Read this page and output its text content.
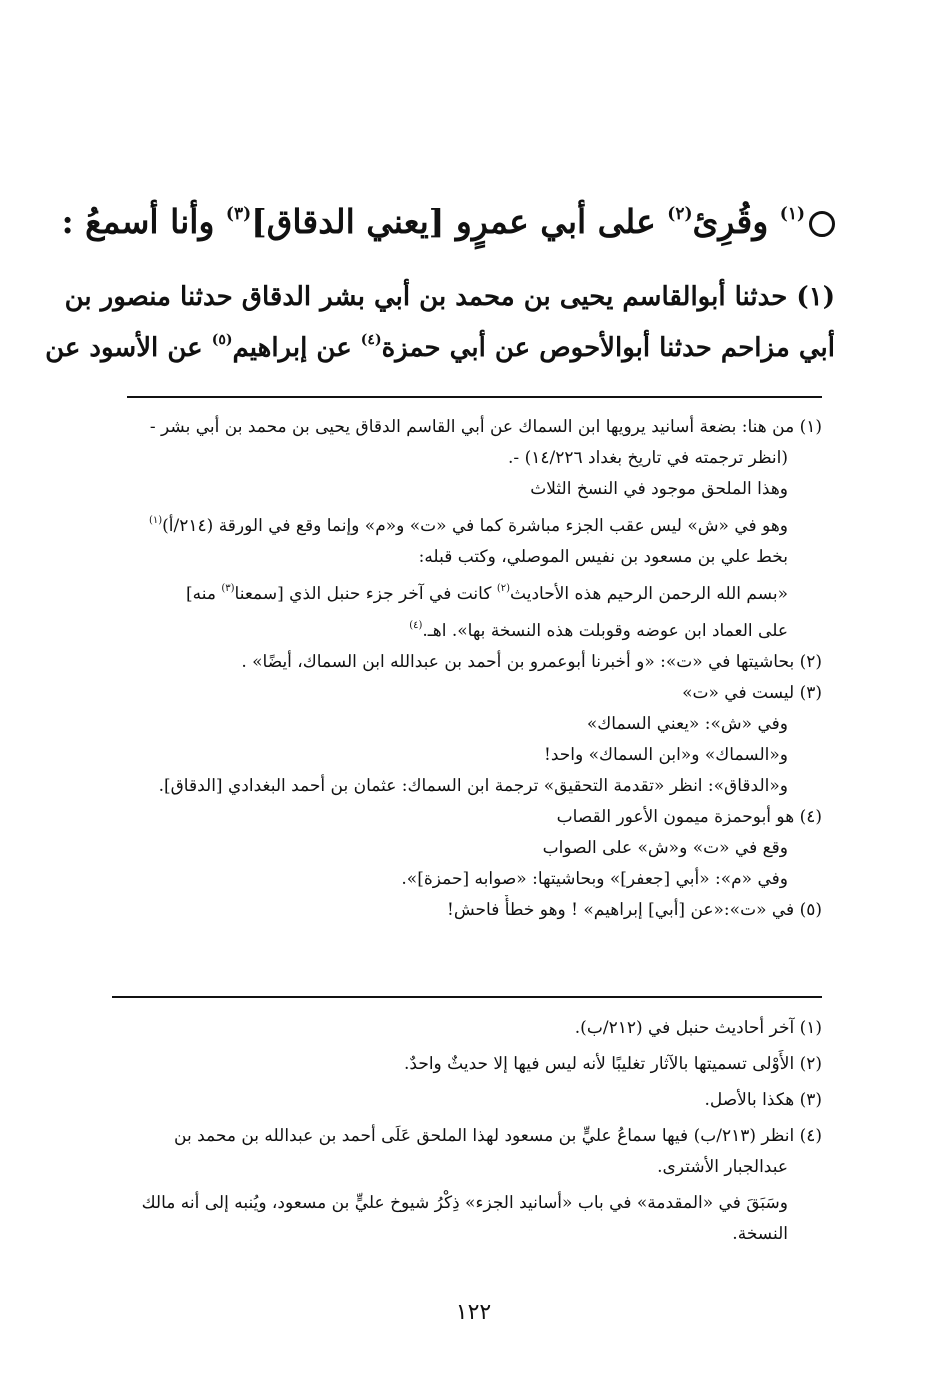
$^{(١)}$ وقُرِئ$^{(٢)}$ على أبي عمرٍو [يعني الدقاق]$^{(٣)}$ وأنا أسمعُ :
(١) حدثنا أبوالقاسم يحيى بن محمد بن أبي بشر الدقاق حدثنا منصور بن
أبي مزاحم حدثنا أبوالأحوص عن أبي حمزة$^{(٤)}$ عن إبراهيم$^{(٥)}$ عن الأسود عن
(١) من هنا: بضعة أسانيد يرويها ابن السماك عن أبي القاسم الدقاق يحيى بن محمد بن أبي بشر -
(انظر ترجمته في تاريخ بغداد ١٤/٢٢٦) -.
وهذا الملحق موجود في النسخ الثلاث
وهو في «ش» ليس عقب الجزء مباشرة كما في «ت» و«م» وإنما وقع في الورقة (٢١٤/أ)$^{(١)}$
بخط علي بن مسعود بن نفيس الموصلي، وكتب قبله:
«بسم الله الرحمن الرحيم هذه الأحاديث$^{(٢)}$ كانت في آخر جزء حنبل الذي [سمعنا$^{(٣)}$ منه]
على العماد ابن عوضه وقوبلت هذه النسخة بها». اهـ.$^{(٤)}$
(٢) بحاشيتها في «ت»: «و أخبرنا أبوعمرو بن أحمد بن عبدالله ابن السماك، أيضًا» .
(٣) ليست في «ت»
وفي «ش»: «يعني السماك»
و«السماك» و«ابن السماك» واحد!
و«الدقاق»: انظر «تقدمة التحقيق» ترجمة ابن السماك: عثمان بن أحمد البغدادي [الدقاق].
(٤) هو أبوحمزة ميمون الأعور القصاب
وقع في «ت» و«ش» على الصواب
وفي «م»: «أبي [جعفر]» وبحاشيتها: «صوابه [حمزة]».
(٥) في «ت»:«عن [أبي] إبراهيم» ! وهو خطأٌ فاحش!
(١) آخر أحاديث حنبل في (٢١٢/ب).
(٢) الأَوْلى تسميتها بالآثار تغليبًا لأنه ليس فيها إلا حديثٌ واحدٌ.
(٣) هكذا بالأصل.
(٤) انظر (٢١٣/ب) فيها سماعُ عليٍّ بن مسعود لهذا الملحق عَلَى أحمد بن عبدالله بن محمد بن
عبدالجبار الأشترى.
وسَبَقَ في «المقدمة» في باب «أسانيد الجزء» ذِكْرُ شيوخ عليٍّ بن مسعود، ويُنبه إلى أنه مالك
النسخة.
١٢٢
